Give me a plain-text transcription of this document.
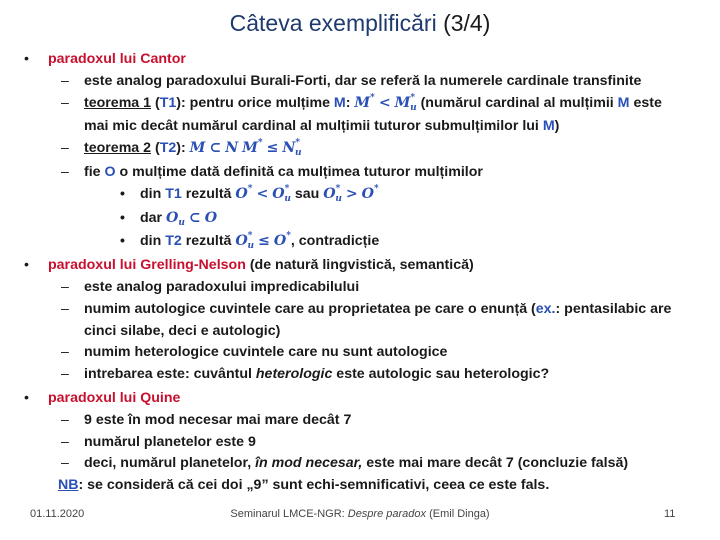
Câteva exemplificări (3/4)
• paradoxul lui Cantor
– este analog paradoxului Burali-Forti, dar se referă la numerele cardinale transfinite
– teorema 1 (T1): pentru orice mulțime M: $M^* < M^*_u$ (numărul cardinal al mulțimii M este
mai mic decât numărul cardinal al mulțimii tuturor submulțimilor lui M)
– teorema 2 (T2): M ⊂ N $M^* \le N^*_u$
– fie O o mulțime dată definită ca mulțimea tuturor mulțimilor
• din T1 rezultă $O^* < O^*_u$ sau $O^*_u > O^*$
• dar $O_u$ ⊂ O
• din T2 rezultă $O^*_u \le O^*$, contradicție
• paradoxul lui Grelling-Nelson (de natură lingvistică, semantică)
– este analog paradoxului impredicabilului
– numim autologice cuvintele care au proprietatea pe care o enunță (ex.: pentasilabic are
cinci silabe, deci e autologic)
– numim heterologice cuvintele care nu sunt autologice
– intrebarea este: cuvântul heterologic este autologic sau heterologic?
• paradoxul lui Quine
– 9 este în mod necesar mai mare decât 7
– numărul planetelor este 9
– deci, numărul planetelor, în mod necesar, este mai mare decât 7 (concluzie falsă)
NB: se consideră că cei doi „9” sunt echi-semnificativi, ceea ce este fals.
01.11.2020	Seminarul LMCE-NGR: Despre paradox (Emil Dinga)	11
